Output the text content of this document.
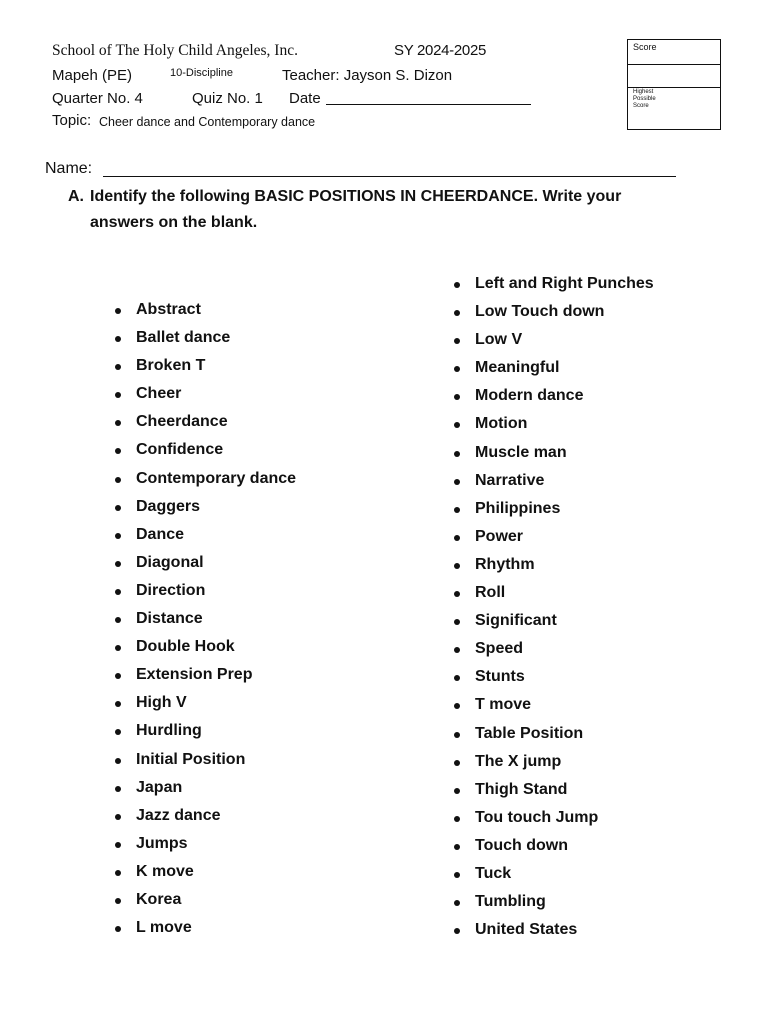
School of The Holy Child Angeles, Inc.	SY 2024-2025
Mapeh (PE)	10-Discipline	Teacher: Jayson S. Dizon
Quarter No. 4	Quiz No. 1 Date
Topic: Cheer dance and Contemporary dance
Score
Highest Possible Score
Name:
A. Identify the following BASIC POSITIONS IN CHEERDANCE. Write your
answers on the blank.
Abstract
Ballet dance
Broken T
Cheer
Cheerdance
Confidence
Contemporary dance
Daggers
Dance
Diagonal
Direction
Distance
Double Hook
Extension Prep
High V
Hurdling
Initial Position
Japan
Jazz dance
Jumps
K move
Korea
L move
Left and Right Punches
Low Touch down
Low V
Meaningful
Modern dance
Motion
Muscle man
Narrative
Philippines
Power
Rhythm
Roll
Significant
Speed
Stunts
T move
Table Position
The X jump
Thigh Stand
Tou touch Jump
Touch down
Tuck
Tumbling
United States
